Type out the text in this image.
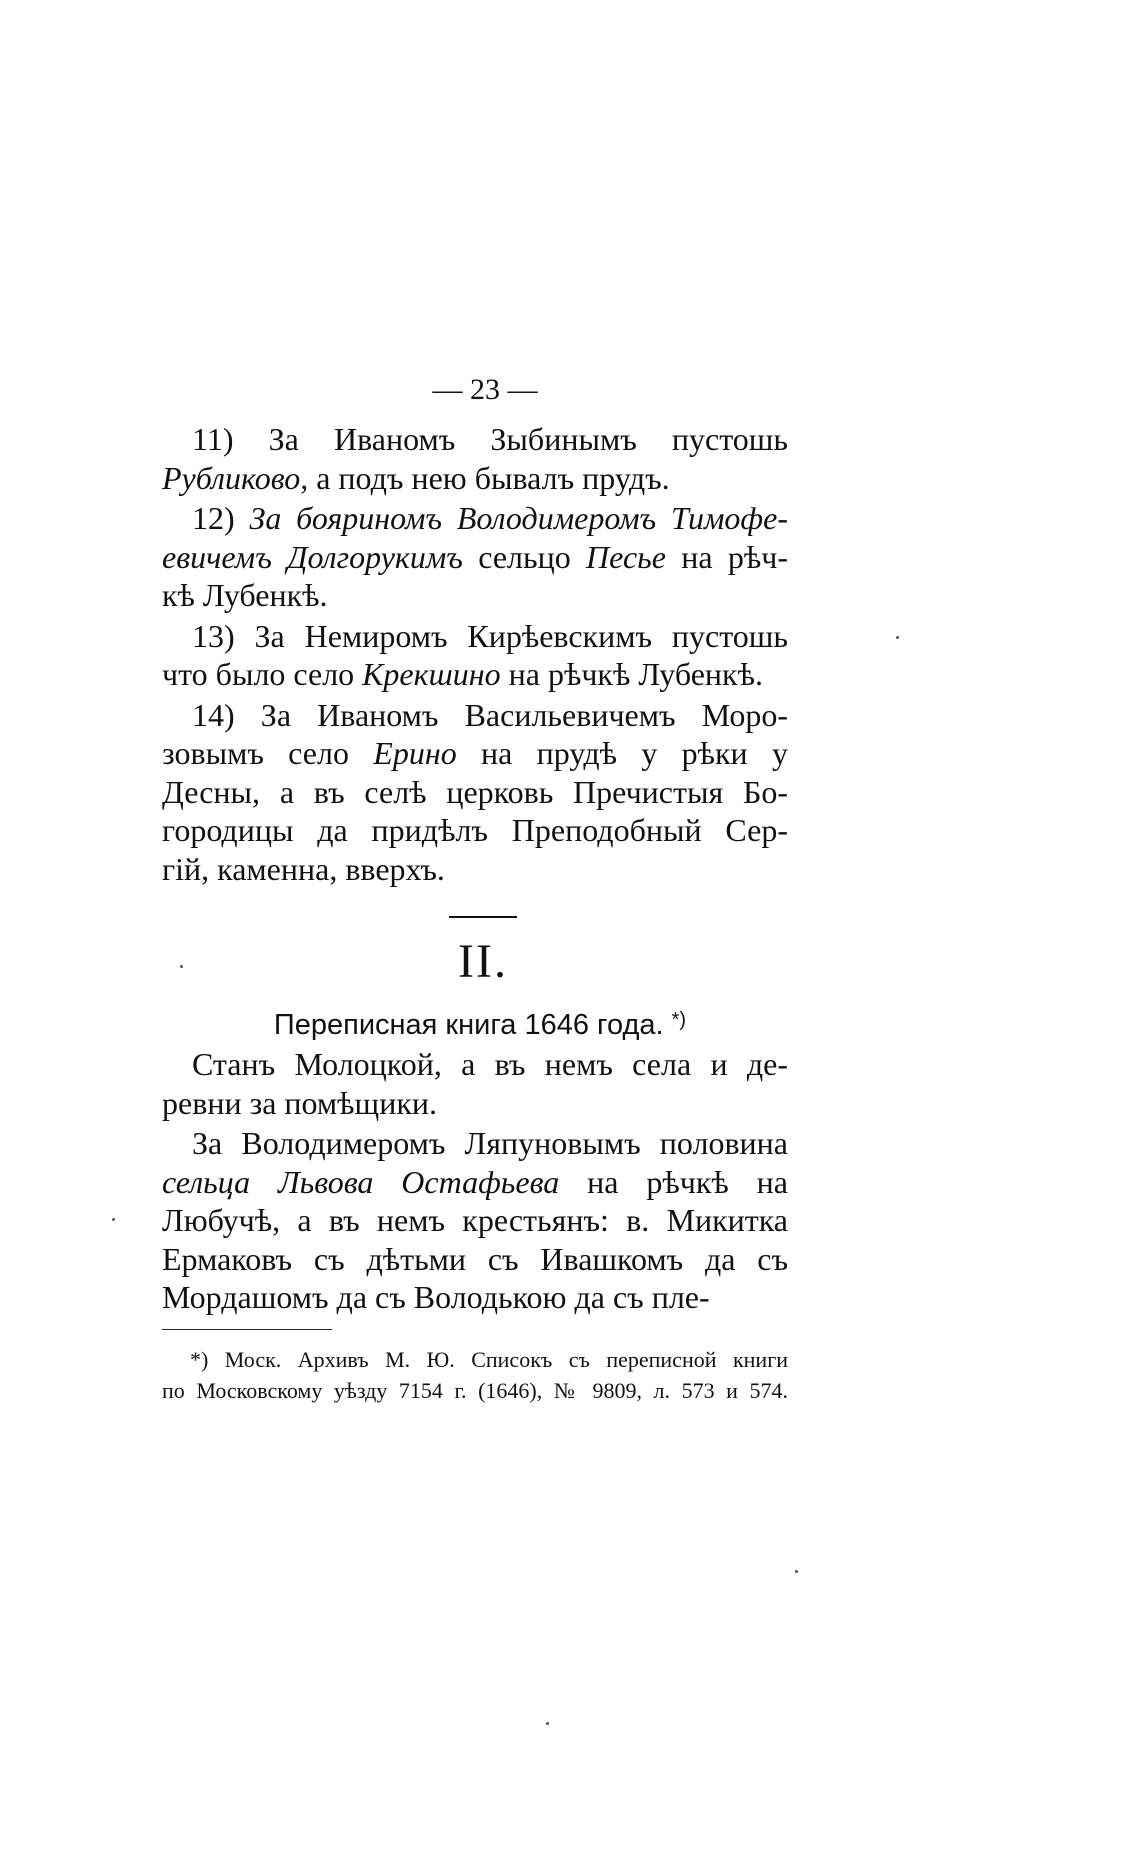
— 23 —
11) За Иваномъ Зыбинымъ пустошь
Рубликово, а подъ нею бывалъ прудъ.
12) За бояриномъ Володимеромъ Тимофе-
евичемъ Долгорукимъ сельцо Песье на рѣч-
кѣ Лубенкѣ.
13) За Немиромъ Кирѣевскимъ пустошь
что было село Крекшино на рѣчкѣ Лубенкѣ.
14) За Иваномъ Васильевичемъ Моро-
зовымъ село Ерино на прудѣ у рѣки у
Десны, а въ селѣ церковь Пречистыя Бо-
городицы да придѣлъ Преподобный Сер-
гій, каменна, вверхъ.
II.
Переписная книга 1646 года. *)
Станъ Молоцкой, а въ немъ села и де-
ревни за помѣщики.
За Володимеромъ Ляпуновымъ половина
сельца Львова Остафьева на рѣчкѣ на
Любучѣ, а въ немъ крестьянъ: в. Микитка
Ермаковъ съ дѣтьми съ Ивашкомъ да съ
Мордашомъ да съ Володькою да съ пле-
*) Моск. Архивъ М. Ю. Списокъ съ переписной книги
по Московскому уѣзду 7154 г. (1646), № 9809, л. 573 и 574.
